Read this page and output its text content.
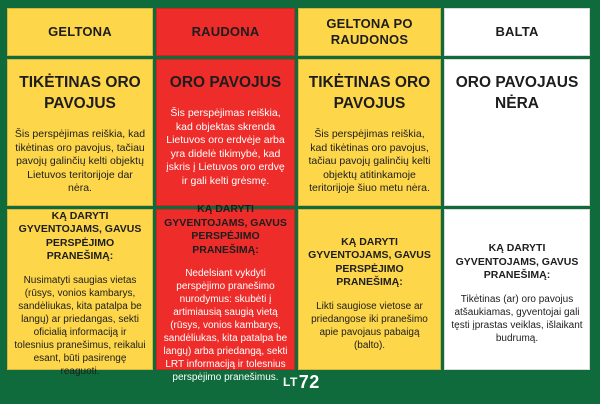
GELTONA
TIKĖTINAS ORO PAVOJUS
Šis perspėjimas reiškia, kad tikėtinas oro pavojus, tačiau pavojų galinčių kelti objektų Lietuvos teritorijoje dar nėra.
KĄ DARYTI GYVENTOJAMS, GAVUS PERSPĖJIMO PRANEŠIMĄ:
Nusimatyti saugias vietas (rūsys, vonios kambarys, sandėliukas, kita patalpa be langų) ar priedangas, sekti oficialią informaciją ir tolesnius pranešimus, reikalui esant, būti pasirengę reaguoti.
RAUDONA
ORO PAVOJUS
Šis perspėjimas reiškia, kad objektas skrenda Lietuvos oro erdvėje arba yra didelė tikimybė, kad įskris į Lietuvos oro erdvę ir gali kelti grėsmę.
KĄ DARYTI GYVENTOJAMS, GAVUS PERSPĖJIMO PRANEŠIMĄ:
Nedelsiant vykdyti perspėjimo pranešimo nurodymus: skubėti į artimiausią saugią vietą (rūsys, vonios kambarys, sandėliukas, kita patalpa be langų) arba priedangą, sekti LRT informaciją ir tolesnius perspėjimo pranešimus.
GELTONA PO RAUDONOS
TIKĖTINAS ORO PAVOJUS
Šis perspėjimas reiškia, kad tikėtinas oro pavojus, tačiau pavojų galinčių kelti objektų atitinkamoje teritorijoje šiuo metu nėra.
KĄ DARYTI GYVENTOJAMS, GAVUS PERSPĖJIMO PRANEŠIMĄ:
Likti saugiose vietose ar priedangose iki pranešimo apie pavojaus pabaigą (balto).
BALTA
ORO PAVOJAUS NĖRA
KĄ DARYTI GYVENTOJAMS, GAVUS PRANEŠIMĄ:
Tikėtinas (ar) oro pavojus atšaukiamas, gyventojai gali tęsti įprastas veiklas, išlaikant budrumą.
LT72
